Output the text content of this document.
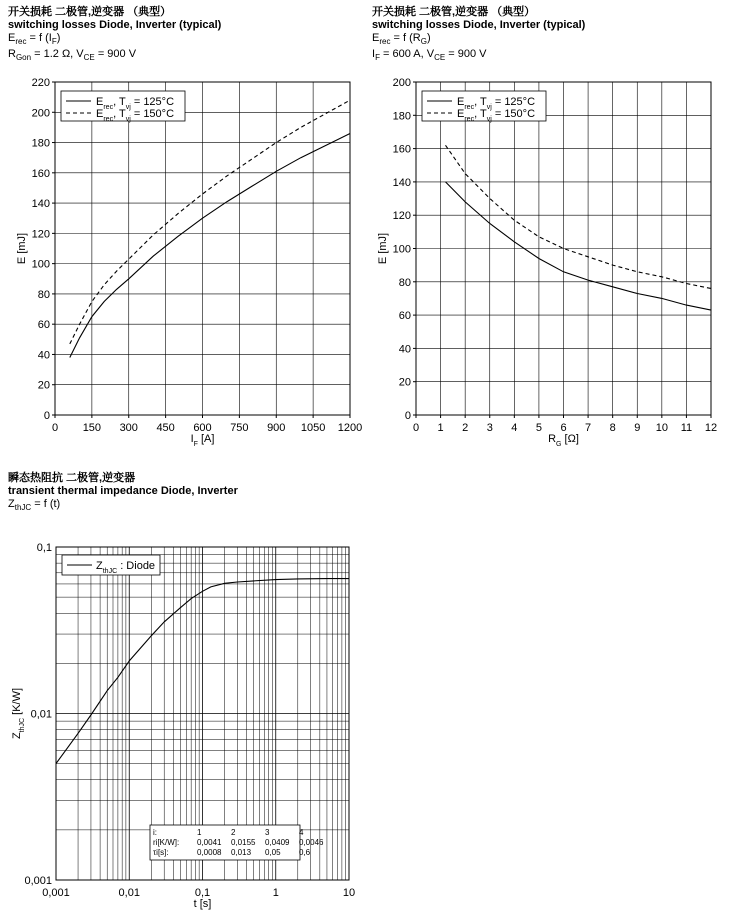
开关损耗 二极管,逆变器 （典型）
switching losses Diode, Inverter (typical)
$E_{rec} = f$ $(I_F)$
$R_{Gon} = 1.2$ Ω, $V_{CE} = 900$ V
开关损耗 二极管,逆变器 （典型）
switching losses Diode, Inverter (typical)
$E_{rec} = f$ $(R_G)$
$I_F = 600$ A, $V_{CE} = 900$ V
瞬态热阻抗 二极管,逆变器
transient thermal impedance Diode, Inverter
$Z_{thJC} = f$ (t)
0 150 300 450 600 750 900 1050 1200
0
20
40
60
80
100
120
140
160
180
200
220
$I_F$ [A]
E [mJ]
$E_{rec}$, $T_{vj} = 125^\circ C$
$E_{rec}$, $T_{vj} = 150^\circ C$
0 1 2 3 4 5 6 7 8 9 10 11 12
0
20
40
60
80
100
120
140
160
180
200
$R_G$ [Ω]
E [mJ]
$E_{rec}$, $T_{vj} = 125^\circ C$
$E_{rec}$, $T_{vj} = 150^\circ C$
0,001	0,01	0,1	1	10
0,001
0,01
0,1
t [s]
$Z_{thJC}$ [K/W]
$Z_{thJC}$ : Diode
i:	1	2	3	4
ri[K/W]: 0,0041 0,0155 0,0409 0,0046
τi[s]:	0,0008 0,013 0,05 0,6
